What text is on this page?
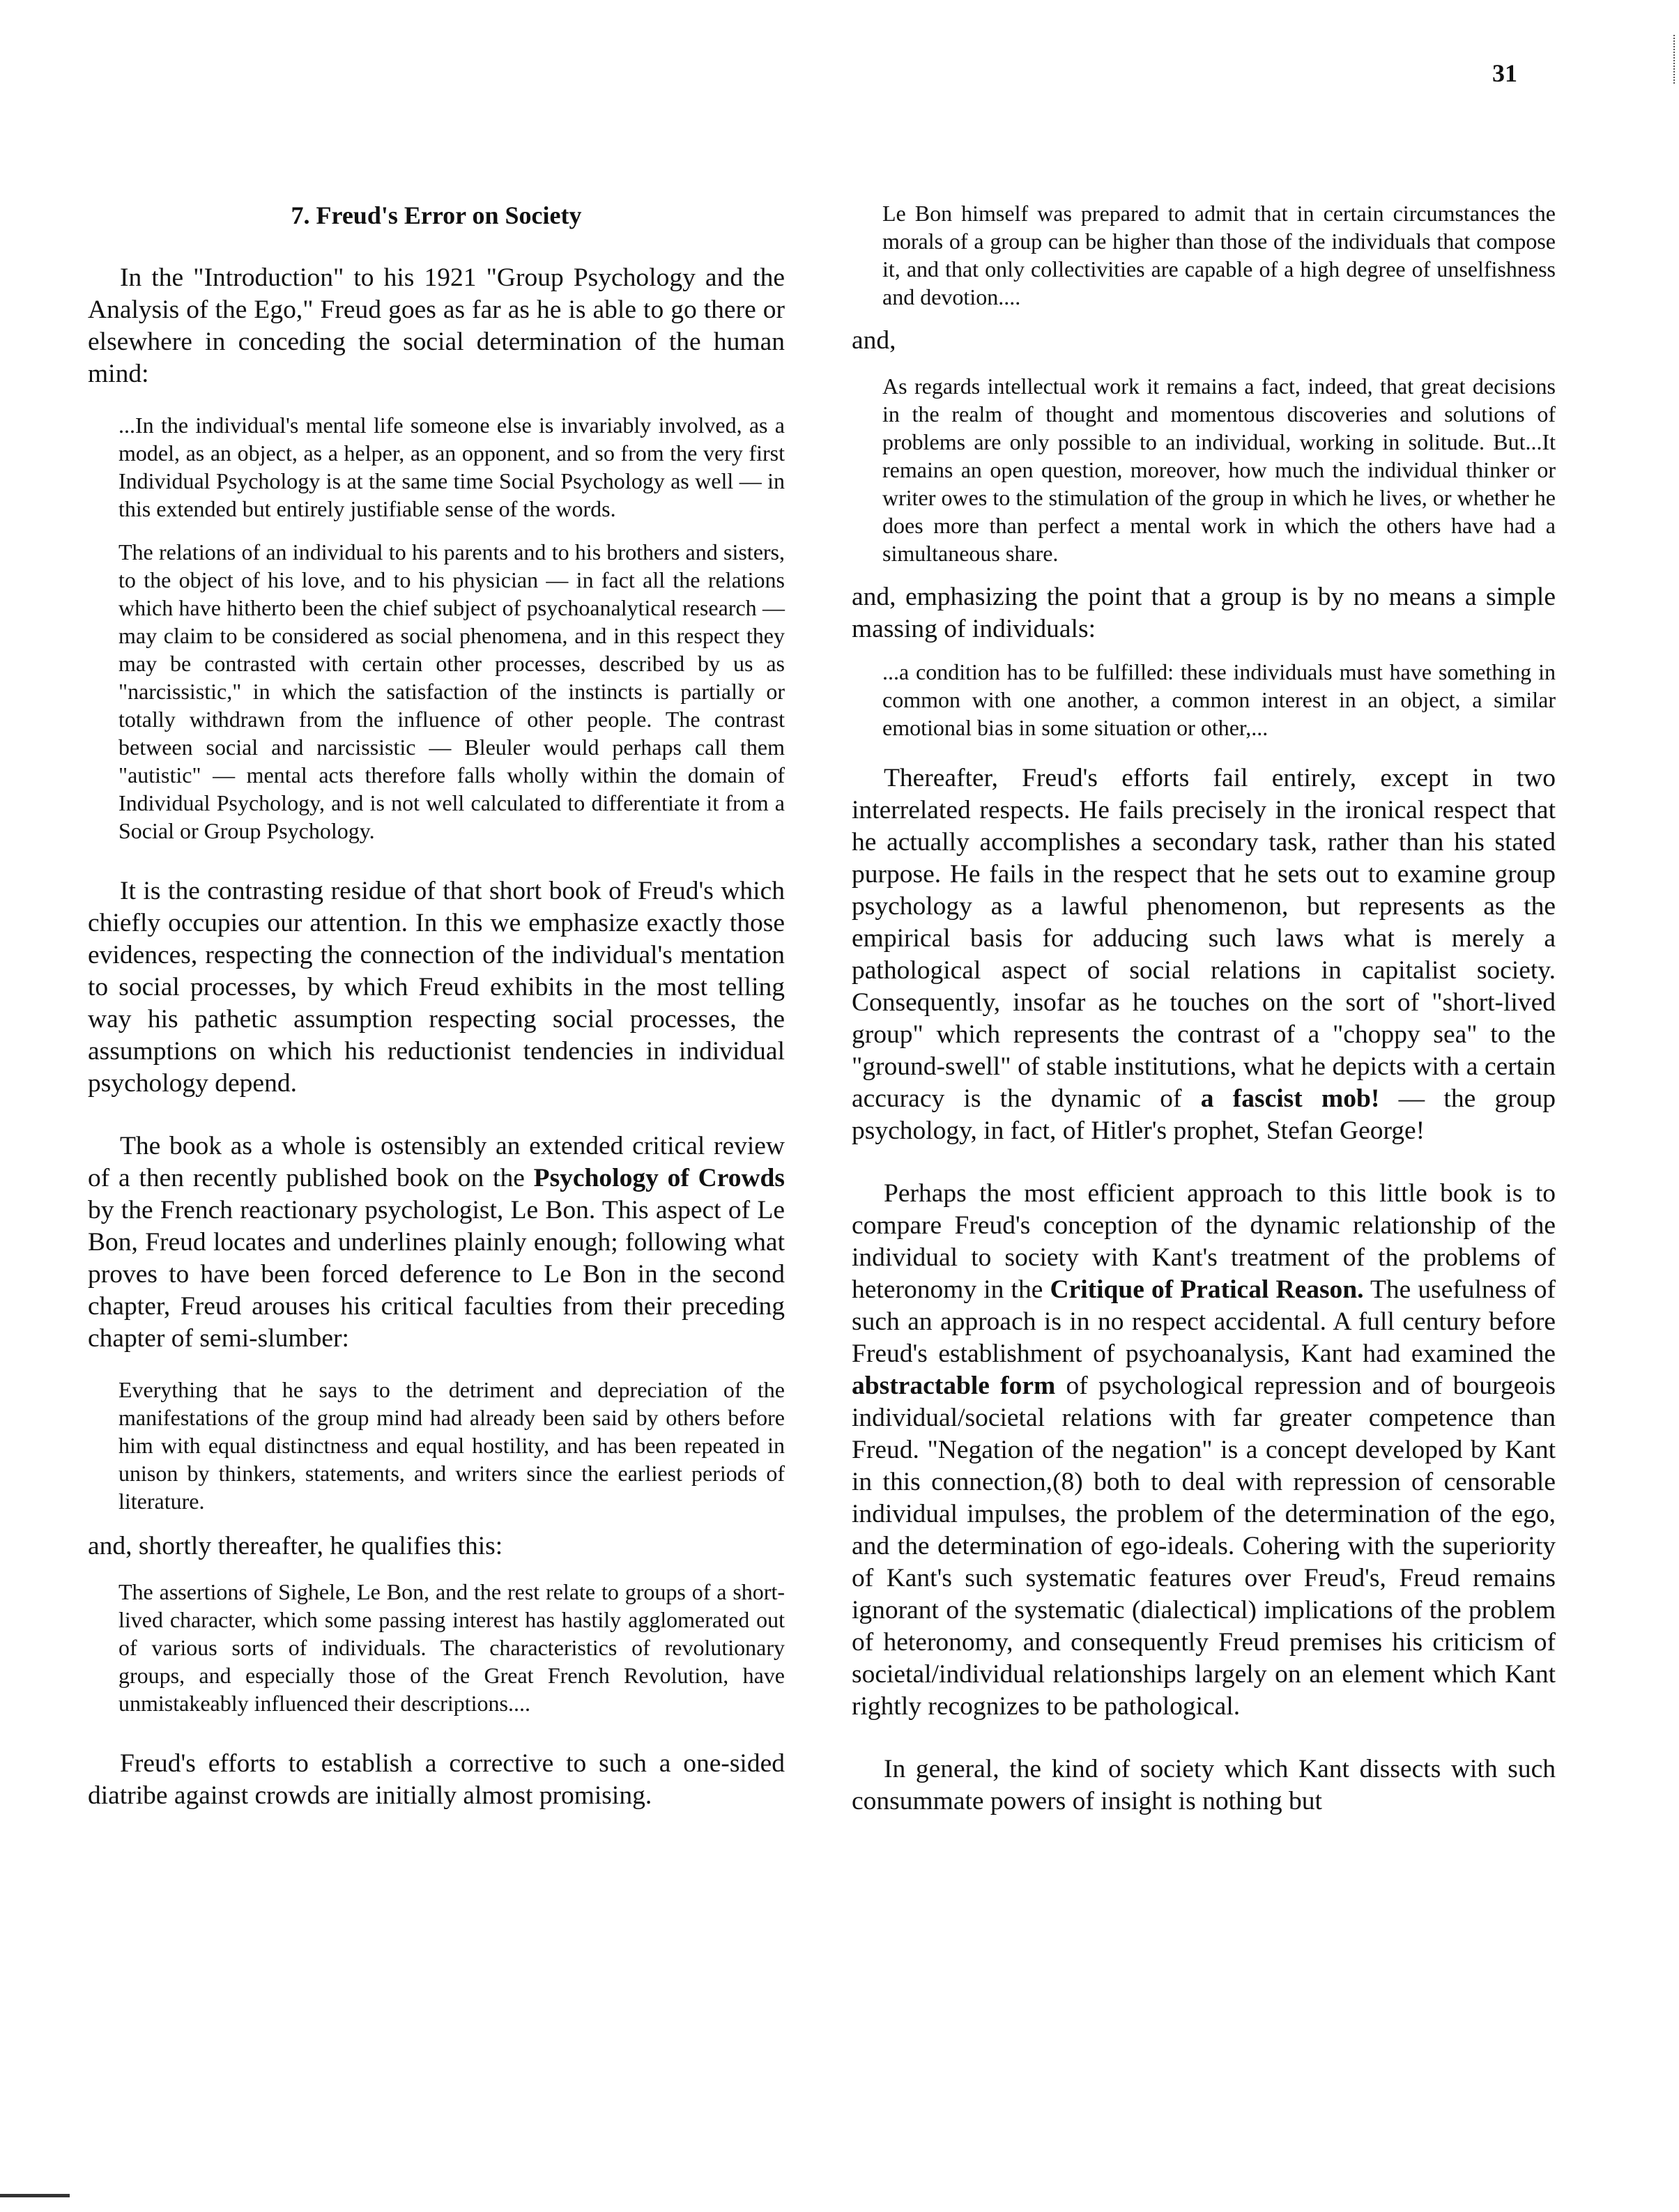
31
7. Freud's Error on Society

In the "Introduction" to his 1921 "Group Psychology and the Analysis of the Ego," Freud goes as far as he is able to go there or elsewhere in conceding the social determination of the human mind:

...In the individual's mental life someone else is invariably involved, as a model, as an object, as a helper, as an opponent, and so from the very first Individual Psychology is at the same time Social Psychology as well — in this extended but entirely justifiable sense of the words.

The relations of an individual to his parents and to his brothers and sisters, to the object of his love, and to his physician — in fact all the relations which have hitherto been the chief subject of psychoanalytical research — may claim to be considered as social phenomena, and in this respect they may be contrasted with certain other processes, described by us as "narcissistic," in which the satisfaction of the instincts is partially or totally withdrawn from the influence of other people. The contrast between social and narcissistic — Bleuler would perhaps call them "autistic" — mental acts therefore falls wholly within the domain of Individual Psychology, and is not well calculated to differentiate it from a Social or Group Psychology.

It is the contrasting residue of that short book of Freud's which chiefly occupies our attention. In this we emphasize exactly those evidences, respecting the connection of the individual's mentation to social processes, by which Freud exhibits in the most telling way his pathetic assumption respecting social processes, the assumptions on which his reductionist tendencies in individual psychology depend.

The book as a whole is ostensibly an extended critical review of a then recently published book on the Psychology of Crowds by the French reactionary psychologist, Le Bon. This aspect of Le Bon, Freud locates and underlines plainly enough; following what proves to have been forced deference to Le Bon in the second chapter, Freud arouses his critical faculties from their preceding chapter of semi-slumber:

Everything that he says to the detriment and depreciation of the manifestations of the group mind had already been said by others before him with equal distinctness and equal hostility, and has been repeated in unison by thinkers, statements, and writers since the earliest periods of literature.

and, shortly thereafter, he qualifies this:

The assertions of Sighele, Le Bon, and the rest relate to groups of a short-lived character, which some passing interest has hastily agglomerated out of various sorts of individuals. The characteristics of revolutionary groups, and especially those of the Great French Revolution, have unmistakeably influenced their descriptions....

Freud's efforts to establish a corrective to such a one-sided diatribe against crowds are initially almost promising.

Le Bon himself was prepared to admit that in certain circumstances the morals of a group can be higher than those of the individuals that compose it, and that only collectivities are capable of a high degree of unselfishness and devotion....

and,

As regards intellectual work it remains a fact, indeed, that great decisions in the realm of thought and momentous discoveries and solutions of problems are only possible to an individual, working in solitude. But...It remains an open question, moreover, how much the individual thinker or writer owes to the stimulation of the group in which he lives, or whether he does more than perfect a mental work in which the others have had a simultaneous share.

and, emphasizing the point that a group is by no means a simple massing of individuals:

...a condition has to be fulfilled: these individuals must have something in common with one another, a common interest in an object, a similar emotional bias in some situation or other,...

Thereafter, Freud's efforts fail entirely, except in two interrelated respects. He fails precisely in the ironical respect that he actually accomplishes a secondary task, rather than his stated purpose. He fails in the respect that he sets out to examine group psychology as a lawful phenomenon, but represents as the empirical basis for adducing such laws what is merely a pathological aspect of social relations in capitalist society. Consequently, insofar as he touches on the sort of "short-lived group" which represents the contrast of a "choppy sea" to the "ground-swell" of stable institutions, what he depicts with a certain accuracy is the dynamic of a fascist mob! — the group psychology, in fact, of Hitler's prophet, Stefan George!

Perhaps the most efficient approach to this little book is to compare Freud's conception of the dynamic relationship of the individual to society with Kant's treatment of the problems of heteronomy in the Critique of Pratical Reason. The usefulness of such an approach is in no respect accidental. A full century before Freud's establishment of psychoanalysis, Kant had examined the abstractable form of psychological repression and of bourgeois individual/societal relations with far greater competence than Freud. "Negation of the negation" is a concept developed by Kant in this connection,(8) both to deal with repression of censorable individual impulses, the problem of the determination of the ego, and the determination of ego-ideals. Cohering with the superiority of Kant's such systematic features over Freud's, Freud remains ignorant of the systematic (dialectical) implications of the problem of heteronomy, and consequently Freud premises his criticism of societal/individual relationships largely on an element which Kant rightly recognizes to be pathological.

In general, the kind of society which Kant dissects with such consummate powers of insight is nothing but
